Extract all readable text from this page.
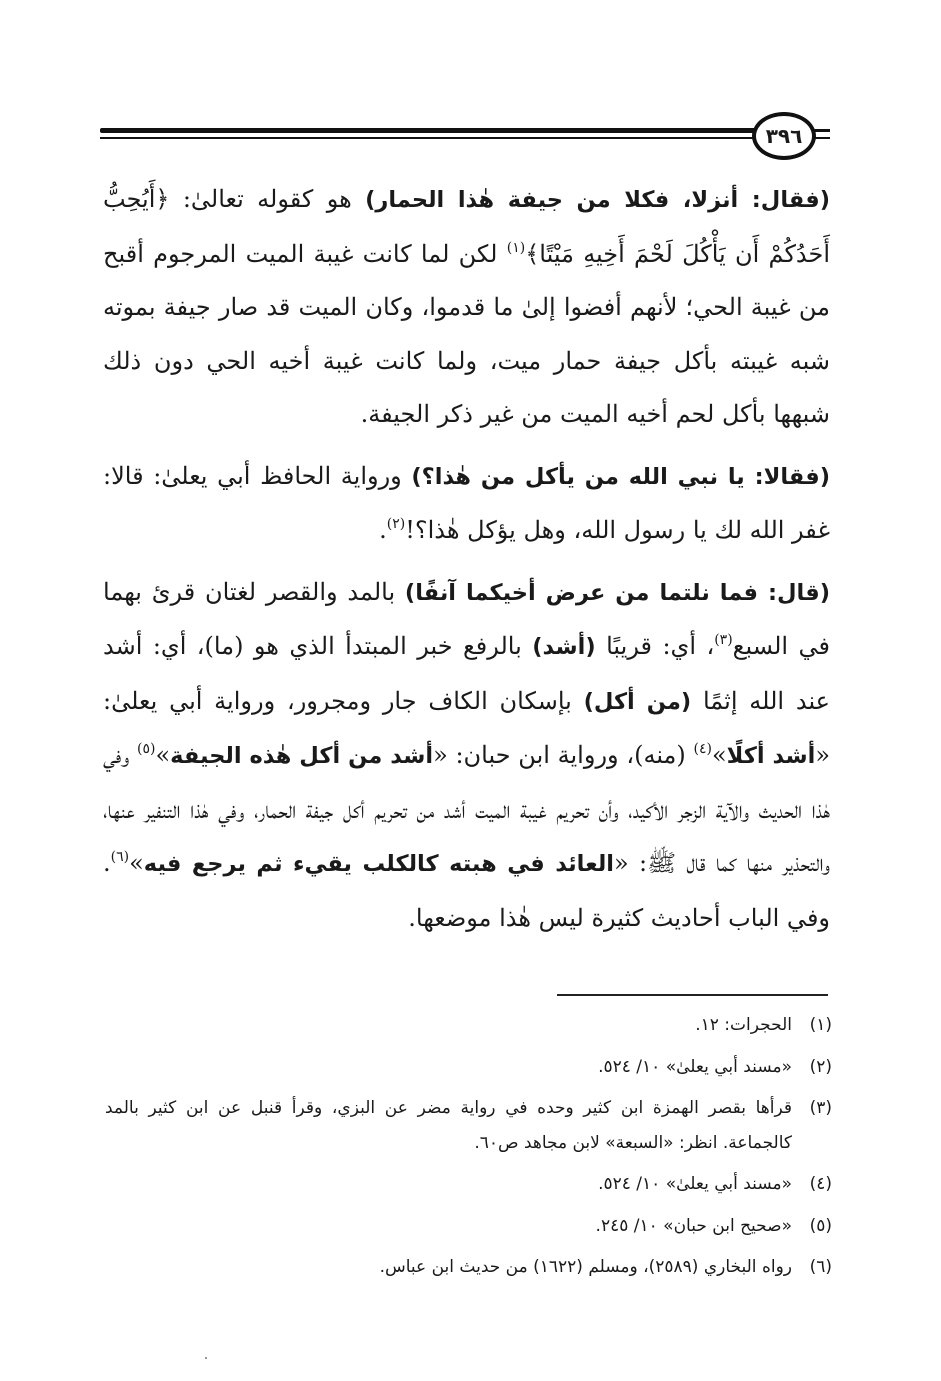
٣٩٦

(فقال: أنزلا، فكلا من جيفة هٰذا الحمار) هو كقوله تعالىٰ: ﴿أَيُحِبُّ أَحَدُكُمْ أَن يَأْكُلَ لَحْمَ أَخِيهِ مَيْتًا﴾$^{(١)}$ لكن لما كانت غيبة الميت المرجوم أقبح من غيبة الحي؛ لأنهم أفضوا إلىٰ ما قدموا، وكان الميت قد صار جيفة بموته شبه غيبته بأكل جيفة حمار ميت، ولما كانت غيبة أخيه الحي دون ذلك شبهها بأكل لحم أخيه الميت من غير ذكر الجيفة.

(فقالا: يا نبي الله من يأكل من هٰذا؟) ورواية الحافظ أبي يعلىٰ: قالا: غفر الله لك يا رسول الله، وهل يؤكل هٰذا؟!$^{(٢)}$.

(قال: فما نلتما من عرض أخيكما آنفًا) بالمد والقصر لغتان قرئ بهما في السبع$^{(٣)}$، أي: قريبًا (أشد) بالرفع خبر المبتدأ الذي هو (ما)، أي: أشد عند الله إثمًا (من أكل) بإسكان الكاف جار ومجرور، ورواية أبي يعلىٰ: «أشد أكلًا»$^{(٤)}$ (منه)، ورواية ابن حبان: «أشد من أكل هٰذه الجيفة»$^{(٥)}$ وفي هٰذا الحديث والآية الزجر الأكيد، وأن تحريم غيبة الميت أشد من تحريم أكل جيفة الحمار، وفي هٰذا التنفير عنها، والتحذير منها كما قال ﷺ: «العائد في هبته كالكلب يقيء ثم يرجع فيه»$^{(٦)}$. وفي الباب أحاديث كثيرة ليس هٰذا موضعها.

(١)
الحجرات: ١٢.
(٢)
«مسند أبي يعلىٰ» ١٠/ ٥٢٤.
(٣)
قرأها بقصر الهمزة ابن كثير وحده في رواية مضر عن البزي، وقرأ قنبل عن ابن كثير بالمد كالجماعة. انظر: «السبعة» لابن مجاهد ص٦٠.
(٤)
«مسند أبي يعلىٰ» ١٠/ ٥٢٤.
(٥)
«صحيح ابن حبان» ١٠/ ٢٤٥.
(٦)
رواه البخاري (٢٥٨٩)، ومسلم (١٦٢٢) من حديث ابن عباس.
